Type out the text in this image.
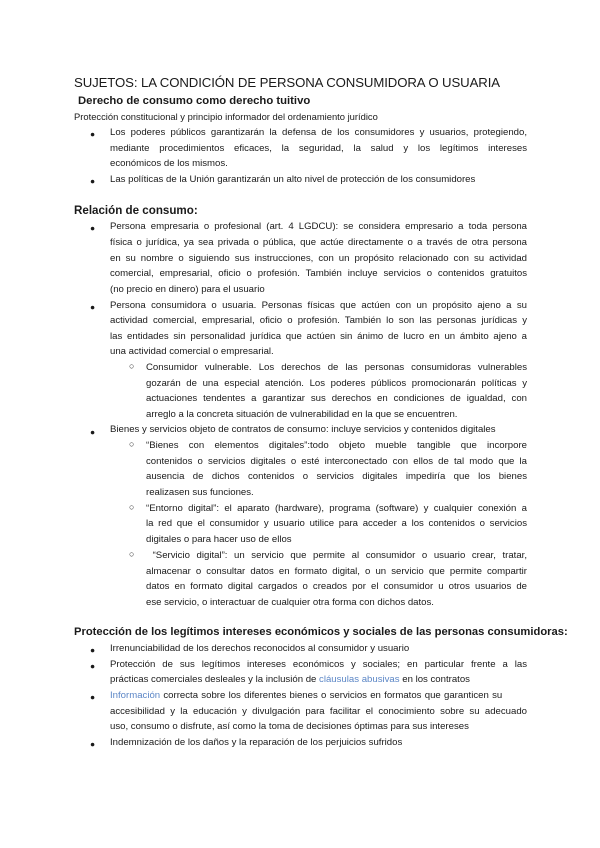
SUJETOS: LA CONDICIÓN DE PERSONA CONSUMIDORA O USUARIA
Derecho de consumo como derecho tuitivo
Protección constitucional y principio informador del ordenamiento jurídico
● Los poderes públicos garantizarán la defensa de los consumidores y usuarios, protegiendo,
mediante procedimientos eficaces, la seguridad, la salud y los legítimos intereses
económicos de los mismos.
● Las políticas de la Unión garantizarán un alto nivel de protección de los consumidores
Relación de consumo:
● Persona empresaria o profesional (art. 4 LGDCU): se considera empresario a toda persona
física o jurídica, ya sea privada o pública, que actúe directamente o a través de otra persona
en su nombre o siguiendo sus instrucciones, con un propósito relacionado con su actividad
comercial, empresarial, oficio o profesión. También incluye servicios o contenidos gratuitos
(no precio en dinero) para el usuario
● Persona consumidora o usuaria. Personas físicas que actúen con un propósito ajeno a su
actividad comercial, empresarial, oficio o profesión. También lo son las personas jurídicas y
las entidades sin personalidad jurídica que actúen sin ánimo de lucro en un ámbito ajeno a
una actividad comercial o empresarial.
○ Consumidor vulnerable. Los derechos de las personas consumidoras vulnerables
gozarán de una especial atención. Los poderes públicos promocionarán políticas y
actuaciones tendentes a garantizar sus derechos en condiciones de igualdad, con
arreglo a la concreta situación de vulnerabilidad en la que se encuentren.
● Bienes y servicios objeto de contratos de consumo: incluye servicios y contenidos digitales
○ “Bienes con elementos digitales”:todo objeto mueble tangible que incorpore
contenidos o servicios digitales o esté interconectado con ellos de tal modo que la
ausencia de dichos contenidos o servicios digitales impediría que los bienes
realizasen sus funciones.
○ “Entorno digital”: el aparato (hardware), programa (software) y cualquier conexión a
la red que el consumidor y usuario utilice para acceder a los contenidos o servicios
digitales o para hacer uso de ellos
○ “Servicio digital”: un servicio que permite al consumidor o usuario crear, tratar,
almacenar o consultar datos en formato digital, o un servicio que permite compartir
datos en formato digital cargados o creados por el consumidor u otros usuarios de
ese servicio, o interactuar de cualquier otra forma con dichos datos.
Protección de los legítimos intereses económicos y sociales de las personas consumidoras:
● Irrenunciabilidad de los derechos reconocidos al consumidor y usuario
● Protección de sus legítimos intereses económicos y sociales; en particular frente a las
prácticas comerciales desleales y la inclusión de cláusulas abusivas en los contratos
● Información correcta sobre los diferentes bienes o servicios en formatos que garanticen su
accesibilidad y la educación y divulgación para facilitar el conocimiento sobre su adecuado
uso, consumo o disfrute, así como la toma de decisiones óptimas para sus intereses
● Indemnización de los daños y la reparación de los perjuicios sufridos
